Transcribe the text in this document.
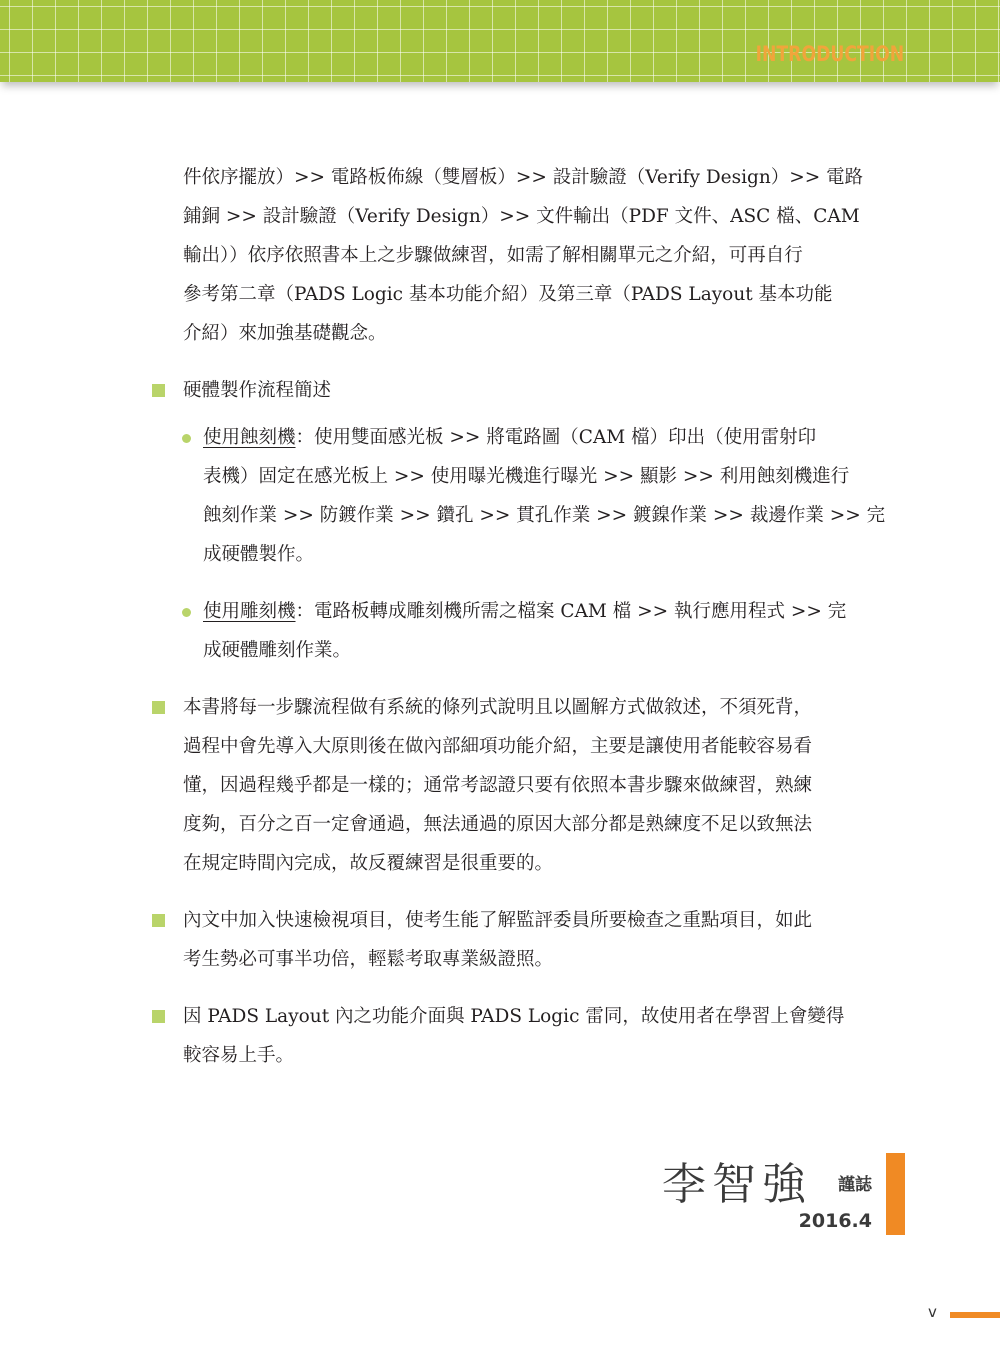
INTRODUCTION
件依序擺放）>> 電路板佈線（雙層板）>> 設計驗證（Verify Design）>> 電路
鋪銅 >> 設計驗證（Verify Design）>> 文件輸出（PDF 文件、ASC 檔、CAM
輸出））依序依照書本上之步驟做練習，如需了解相關單元之介紹，可再自行
參考第二章（PADS Logic 基本功能介紹）及第三章（PADS Layout 基本功能
介紹）來加強基礎觀念。
硬體製作流程簡述
使用蝕刻機：使用雙面感光板 >> 將電路圖（CAM 檔）印出（使用雷射印
表機）固定在感光板上 >> 使用曝光機進行曝光 >> 顯影 >> 利用蝕刻機進行
蝕刻作業 >> 防鍍作業 >> 鑽孔 >> 貫孔作業 >> 鍍鎳作業 >> 裁邊作業 >> 完
成硬體製作。
使用雕刻機：電路板轉成雕刻機所需之檔案 CAM 檔 >> 執行應用程式 >> 完
成硬體雕刻作業。
本書將每一步驟流程做有系統的條列式說明且以圖解方式做敘述，不須死背，
過程中會先導入大原則後在做內部細項功能介紹，主要是讓使用者能較容易看
懂，因過程幾乎都是一樣的；通常考認證只要有依照本書步驟來做練習，熟練
度夠，百分之百一定會通過，無法通過的原因大部分都是熟練度不足以致無法
在規定時間內完成，故反覆練習是很重要的。
內文中加入快速檢視項目，使考生能了解監評委員所要檢查之重點項目，如此
考生勢必可事半功倍，輕鬆考取專業級證照。
因 PADS Layout 內之功能介面與 PADS Logic 雷同，故使用者在學習上會變得
較容易上手。
李智強 謹誌
2016.4
v
